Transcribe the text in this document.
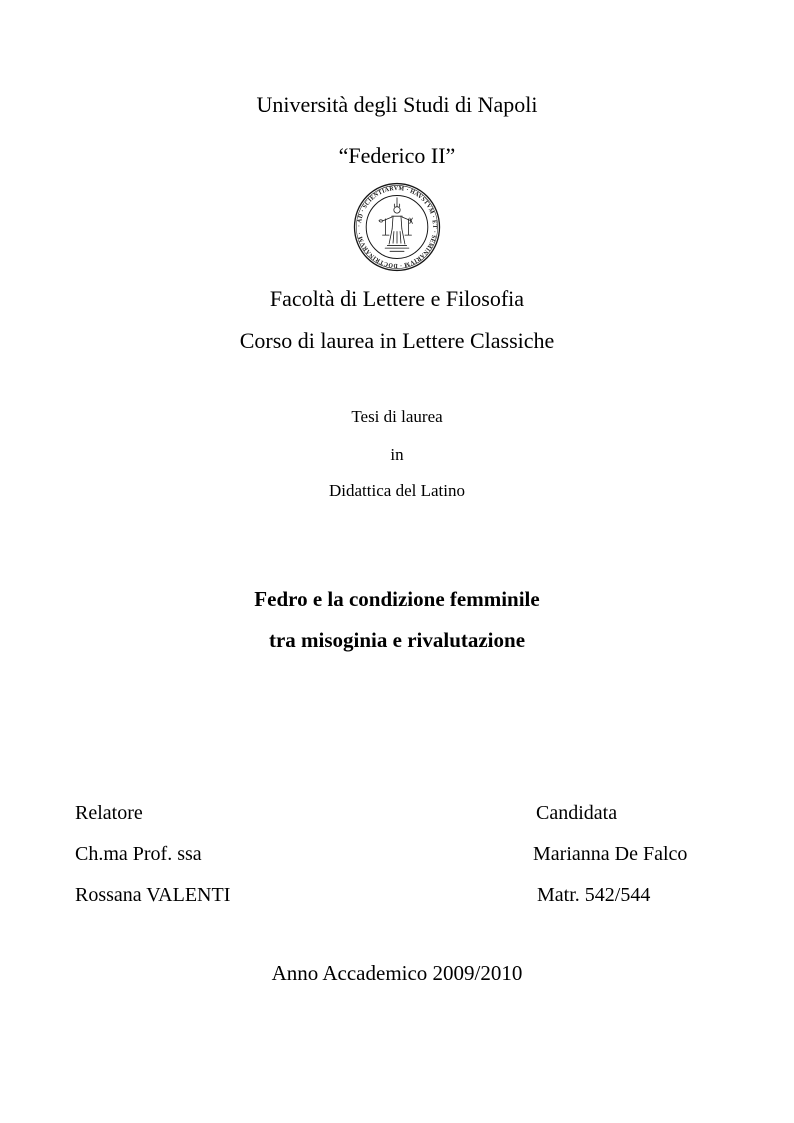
Università degli Studi di Napoli
“Federico II”
· AD · SCIENTIARVM · HAVSTVM · ET · SEMINARIVM · DOCTRINARVM ·
Facoltà di Lettere e Filosofia
Corso di laurea in Lettere Classiche
Tesi di laurea
in
Didattica del Latino
Fedro e la condizione femminile
tra misoginia e rivalutazione
Relatore
Ch.ma Prof. ssa
Rossana VALENTI
Candidata
Marianna De Falco
Matr. 542/544
Anno Accademico 2009/2010
